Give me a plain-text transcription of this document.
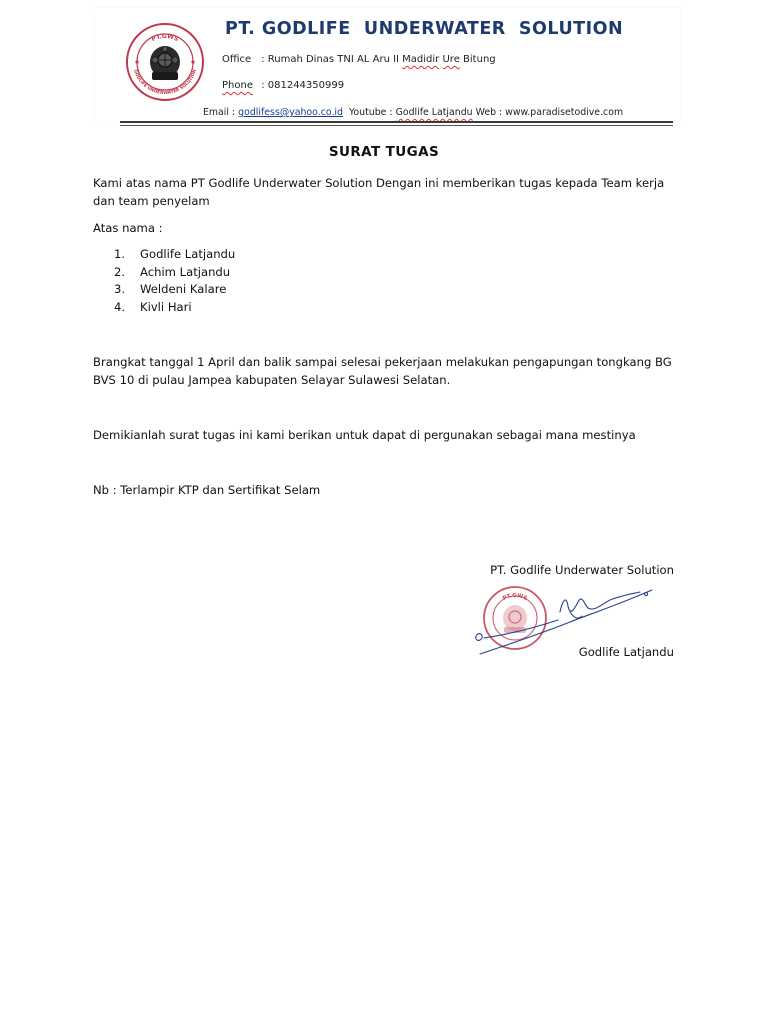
PT.GWS
GODLIFE UNDERWATER SOLUTION
PT. GODLIFE  UNDERWATER  SOLUTION
Office : Rumah Dinas TNI AL Aru II Madidir Ure Bitung
Phone : 081244350999
Email : godlifess@yahoo.co.id Youtube : Godlife Latjandu Web : www.paradisetodive.com
SURAT TUGAS
Kami atas nama PT Godlife Underwater Solution Dengan ini memberikan tugas kepada Team kerja
dan team penyelam
Atas nama :
1.	Godlife Latjandu
2.	Achim Latjandu
3.	Weldeni Kalare
4.	Kivli Hari
Brangkat tanggal 1 April dan balik sampai selesai pekerjaan melakukan pengapungan tongkang BG
BVS 10 di pulau Jampea kabupaten Selayar Sulawesi Selatan.
Demikianlah surat tugas ini kami berikan untuk dapat di pergunakan sebagai mana mestinya
Nb : Terlampir KTP dan Sertifikat Selam
PT. Godlife Underwater Solution
PT.GWS
Godlife Latjandu
